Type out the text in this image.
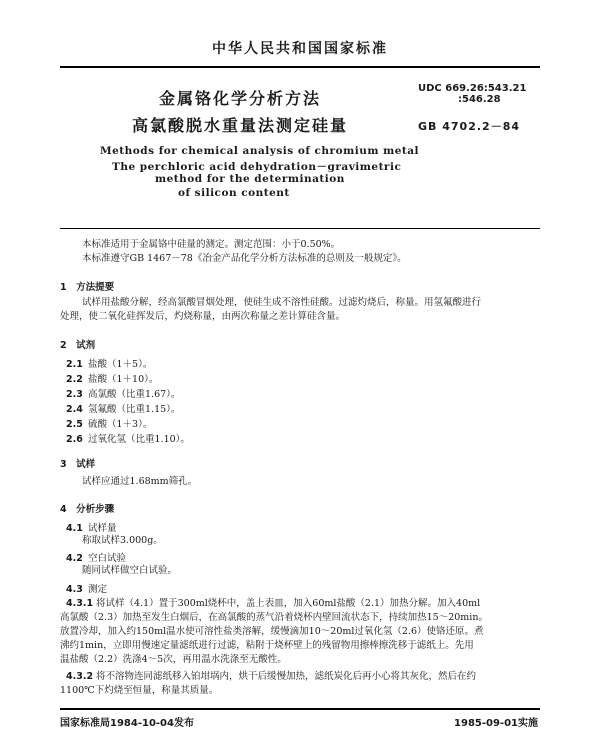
中华人民共和国国家标准
金属铬化学分析方法
高氯酸脱水重量法测定硅量
UDC 669.26:543.21
:546.28
GB 4702.2－84
Methods for chemical analysis of chromium metal
The perchloric acid dehydration－gravimetric
method for the determination
of silicon content
本标准适用于金属铬中硅量的测定。测定范围：小于0.50%。
本标准遵守GB 1467－78《冶金产品化学分析方法标准的总则及一般规定》。
1　方法提要
试样用盐酸分解，经高氯酸冒烟处理，使硅生成不溶性硅酸。过滤灼烧后，称量。用氢氟酸进行
处理，使二氧化硅挥发后，灼烧称量，由两次称量之差计算硅含量。
2　试剂
2.1 盐酸（1＋5）。
2.2 盐酸（1＋10）。
2.3 高氯酸（比重1.67）。
2.4 氢氟酸（比重1.15）。
2.5 硫酸（1＋3）。
2.6 过氧化氢（比重1.10）。
3　试样
试样应通过1.68mm筛孔。
4　分析步骤
4.1 试样量
称取试样3.000g。
4.2 空白试验
随同试样做空白试验。
4.3 测定
4.3.1 将试样（4.1）置于300ml烧杯中，盖上表皿，加入60ml盐酸（2.1）加热分解。加入40ml
高氯酸（2.3）加热至发生白烟后，在高氯酸的蒸气沿着烧杯内壁回流状态下，持续加热15～20min。
放置冷却，加入约150ml温水使可溶性盐类溶解，缓慢滴加10～20ml过氧化氢（2.6）使铬还原。煮
沸约1min，立即用慢速定量滤纸进行过滤，粘附于烧杯壁上的残留物用擦棒擦洗移于滤纸上。先用
温盐酸（2.2）洗涤4～5次，再用温水洗涤至无酸性。
4.3.2 将不溶物连同滤纸移入铂坩埚内，烘干后缓慢加热，滤纸炭化后再小心将其灰化，然后在约
1100℃下灼烧至恒量，称量其质量。
国家标准局1984-10-04发布	1985-09-01实施
